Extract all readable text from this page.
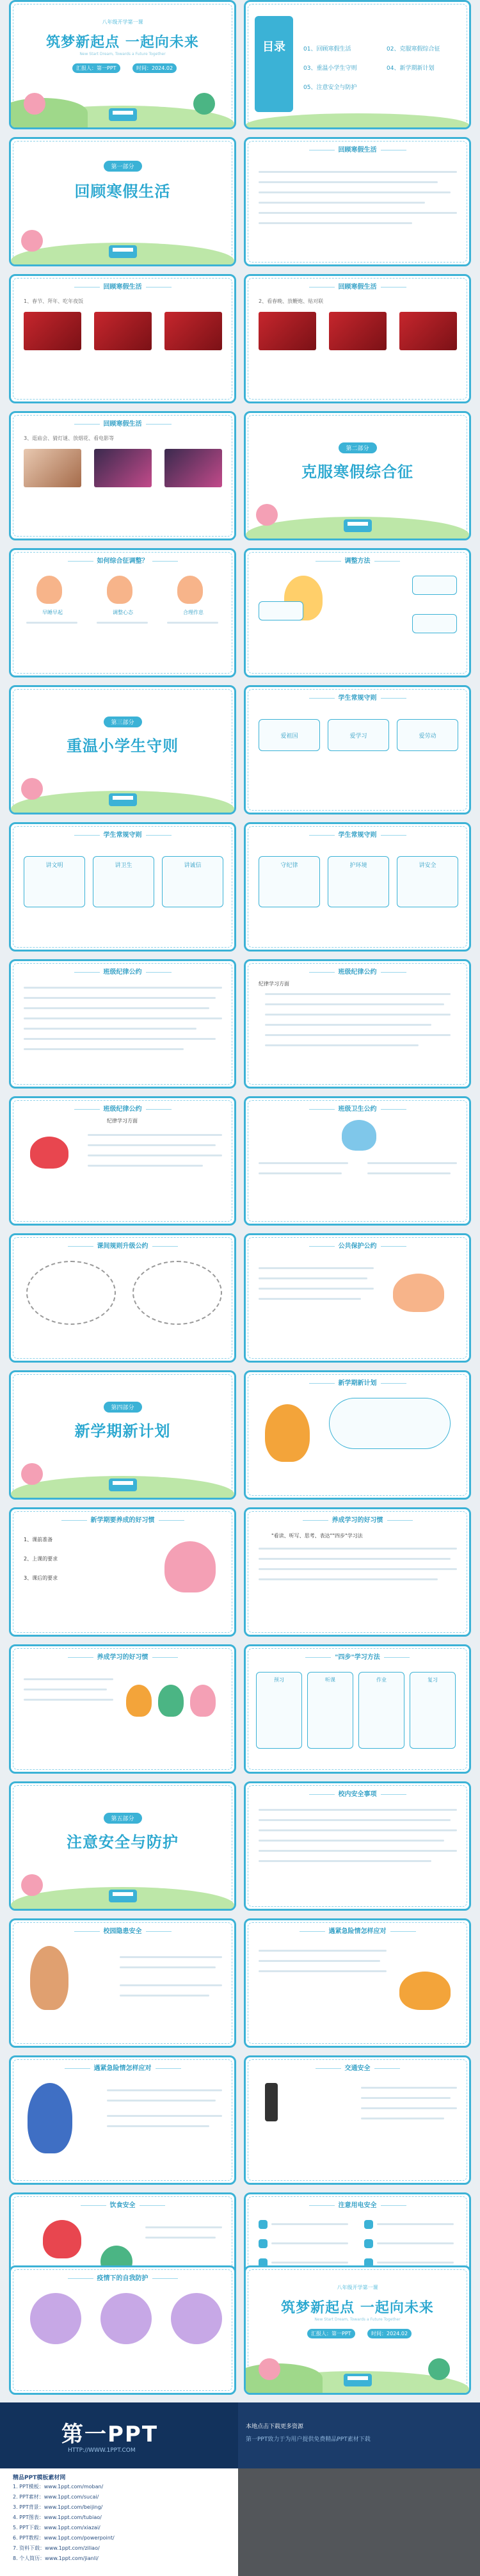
八年级开学第一课
筑梦新起点 一起向未来
New Start Dream, Towards a Future Together
汇报人：第一PPT	时间：2024.02
目录	01、回顾寒假生活	02、克服寒假综合征
03、重温小学生守则	04、新学期新计划
05、注意安全与防护
第一部分
回顾寒假生活
回顾寒假生活
回顾寒假生活
1、春节、拜年、吃年夜饭
回顾寒假生活
2、看春晚、放鞭炮、贴对联
回顾寒假生活
3、逛庙会、猜灯谜、放烟花、看电影等
第二部分
克服寒假综合征
如何综合征调整？
早睡早起	调整心态	合理作息
调整方法
第三部分
重温小学生守则
学生常规守则
爱祖国	爱学习	爱劳动
学生常规守则
讲文明	讲卫生	讲诚信
学生常规守则
守纪律	护环境	讲安全
班级纪律公约	班级纪律公约
纪律学习方面
班级纪律公约
纪律学习方面
班级卫生公约
课间规则升级公约	公共保护公约
第四部分
新学期新计划
新学期新计划
新学期要养成的好习惯
1、课前准备
2、上课的要求
3、课后的要求
养成学习的好习惯
"看读、听写、思考、表达""四步"学习法
养成学习的好习惯	"四步"学习方法
预习	听课	作业	复习
第五部分
注意安全与防护
校内安全事项
校园隐患安全	遇紧急险情怎样应对
遇紧急险情怎样应对	交通安全
饮食安全	注意用电安全
疫情下的自我防护
八年级开学第一课
筑梦新起点 一起向未来
New Start Dream, Towards a Future Together
汇报人：第一PPT	时间：2024.02
第一PPT
HTTP://WWW.1PPT.COM
本地点击下载更多资源
第一PPT致力于为用户提供免费精品PPT素材下载
精品PPT模板素材网
1. PPT模板：www.1ppt.com/moban/
2. PPT素材：www.1ppt.com/sucai/
3. PPT背景：www.1ppt.com/beijing/
4. PPT图表：www.1ppt.com/tubiao/
5. PPT下载：www.1ppt.com/xiazai/
6. PPT教程：www.1ppt.com/powerpoint/
7. 资料下载：www.1ppt.com/ziliao/
8. 个人简历：www.1ppt.com/jianli/
